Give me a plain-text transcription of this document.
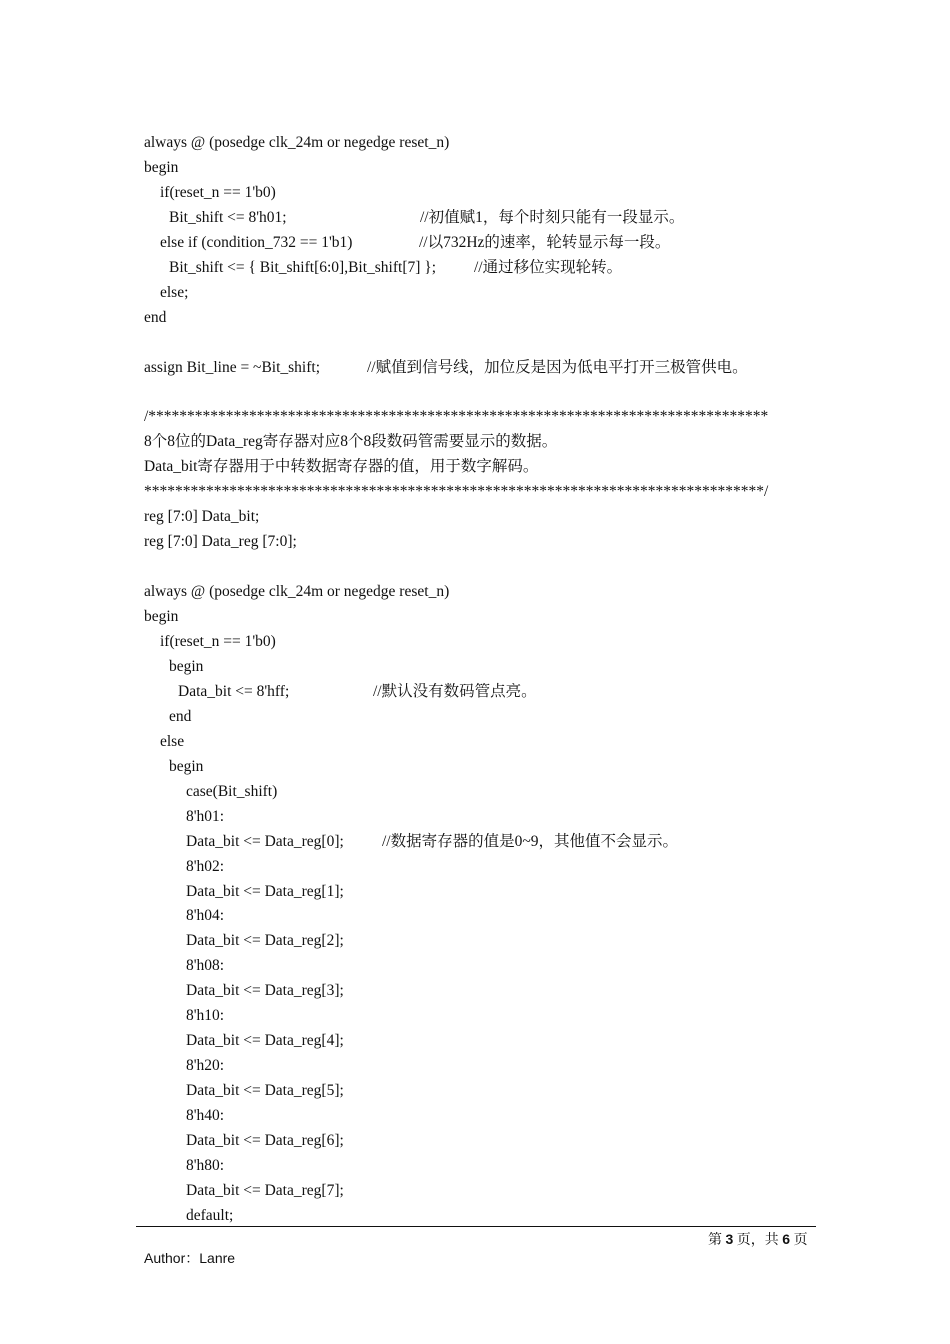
always @ (posedge clk_24m or negedge reset_n)
begin
if(reset_n == 1'b0)
Bit_shift <= 8'h01;	//初值赋1，每个时刻只能有一段显示。
else if (condition_732 == 1'b1)	//以732Hz的速率，轮转显示每一段。
Bit_shift <= { Bit_shift[6:0],Bit_shift[7] }; //通过移位实现轮转。
else;
end
assign Bit_line = ~Bit_shift;	//赋值到信号线，加位反是因为低电平打开三极管供电。
/********************************************************************************
8个8位的Data_reg寄存器对应8个8段数码管需要显示的数据。
Data_bit寄存器用于中转数据寄存器的值，用于数字解码。
********************************************************************************/
reg [7:0] Data_bit;
reg [7:0] Data_reg [7:0];
always @ (posedge clk_24m or negedge reset_n)
begin
if(reset_n == 1'b0)
begin
Data_bit <= 8'hff;	//默认没有数码管点亮。
end
else
begin
case(Bit_shift)
8'h01:
Data_bit <= Data_reg[0]; //数据寄存器的值是0~9，其他值不会显示。
8'h02:
Data_bit <= Data_reg[1];
8'h04:
Data_bit <= Data_reg[2];
8'h08:
Data_bit <= Data_reg[3];
8'h10:
Data_bit <= Data_reg[4];
8'h20:
Data_bit <= Data_reg[5];
8'h40:
Data_bit <= Data_reg[6];
8'h80:
Data_bit <= Data_reg[7];
default;
第 3 页，共 6 页
Author：Lanre
